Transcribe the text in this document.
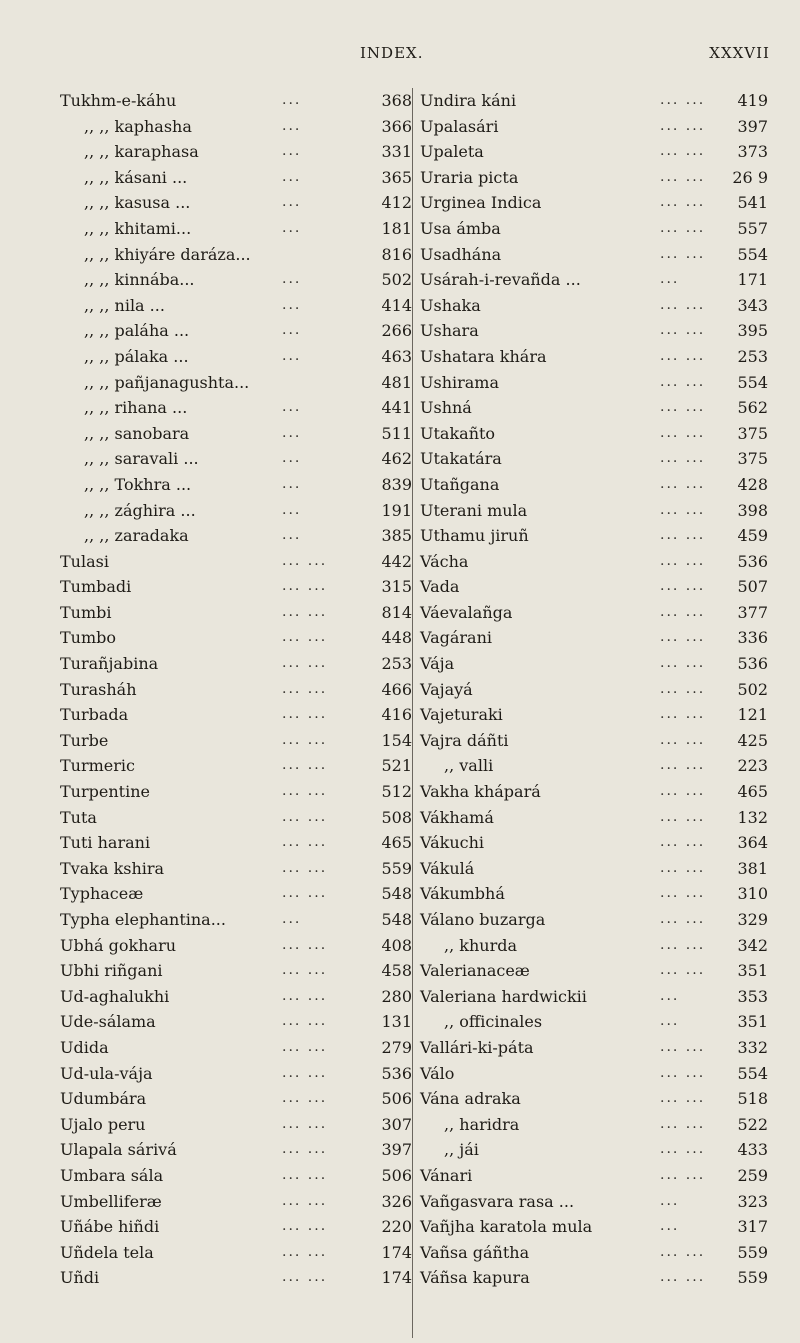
INDEX.	XXXVII
Tukhm-e-káhu	...	368
,, ,, kaphasha	...	366
,, ,, karaphasa	...	331
,, ,, kásani ...	...	365
,, ,, kasusa ...	...	412
,, ,, khitami...	...	181
,, ,, khiyáre daráza...	816
,, ,, kinnába...	...	502
,, ,, nila ...	...	414
,, ,, paláha ...	...	266
,, ,, pálaka ...	...	463
,, ,, pañjanagushta...	481
,, ,, rihana ...	...	441
,, ,, sanobara	...	511
,, ,, saravali ...	...	462
,, ,, Tokhra ...	...	839
,, ,, zághira ...	...	191
,, ,, zaradaka	...	385
Tulasi	... ...	442
Tumbadi	... ...	315
Tumbi	... ...	814
Tumbo	... ...	448
Turañjabina	... ...	253
Turasháh	... ...	466
Turbada	... ...	416
Turbe	... ...	154
Turmeric	... ...	521
Turpentine	... ...	512
Tuta	... ...	508
Tuti harani	... ...	465
Tvaka kshira	... ...	559
Typhaceæ	... ...	548
Typha elephantina...	...	548
Ubhá gokharu	... ...	408
Ubhi riñgani	... ...	458
Ud-aghalukhi	... ...	280
Ude-sálama	... ...	131
Udida	... ...	279
Ud-ula-vája	... ...	536
Udumbára	... ...	506
Ujalo peru	... ...	307
Ulapala sárivá	... ...	397
Umbara sála	... ...	506
Umbelliferæ	... ...	326
Uñábe hiñdi	... ...	220
Uñdela tela	... ...	174
Uñdi	... ...	174
Undira káni	... ...	419
Upalasári	... ...	397
Upaleta	... ...	373
Uraria picta	... ...	26 9
Urginea Indica	... ...	541
Usa ámba	... ...	557
Usadhána	... ...	554
Usárah-i-revañda ...	...	171
Ushaka	... ...	343
Ushara	... ...	395
Ushatara khára	... ...	253
Ushirama	... ...	554
Ushná	... ...	562
Utakañto	... ...	375
Utakatára	... ...	375
Utañgana	... ...	428
Uterani mula	... ...	398
Uthamu jiruñ	... ...	459
Vácha	... ...	536
Vada	... ...	507
Váevalañga	... ...	377
Vagárani	... ...	336
Vája	... ...	536
Vajayá	... ...	502
Vajeturaki	... ...	121
Vajra dáñti	... ...	425
,, valli	... ...	223
Vakha khápará	... ...	465
Vákhamá	... ...	132
Vákuchi	... ...	364
Vákulá	... ...	381
Vákumbhá	... ...	310
Válano buzarga	... ...	329
,, khurda	... ...	342
Valerianaceæ	... ...	351
Valeriana hardwickii	...	353
,, officinales	...	351
Vallári-ki-páta	... ...	332
Válo	... ...	554
Vána adraka	... ...	518
,, haridra	... ...	522
,, jái	... ...	433
Vánari	... ...	259
Vañgasvara rasa ...	...	323
Vañjha karatola mula	...	317
Vañsa gáñtha	... ...	559
Váñsa kapura	... ...	559
